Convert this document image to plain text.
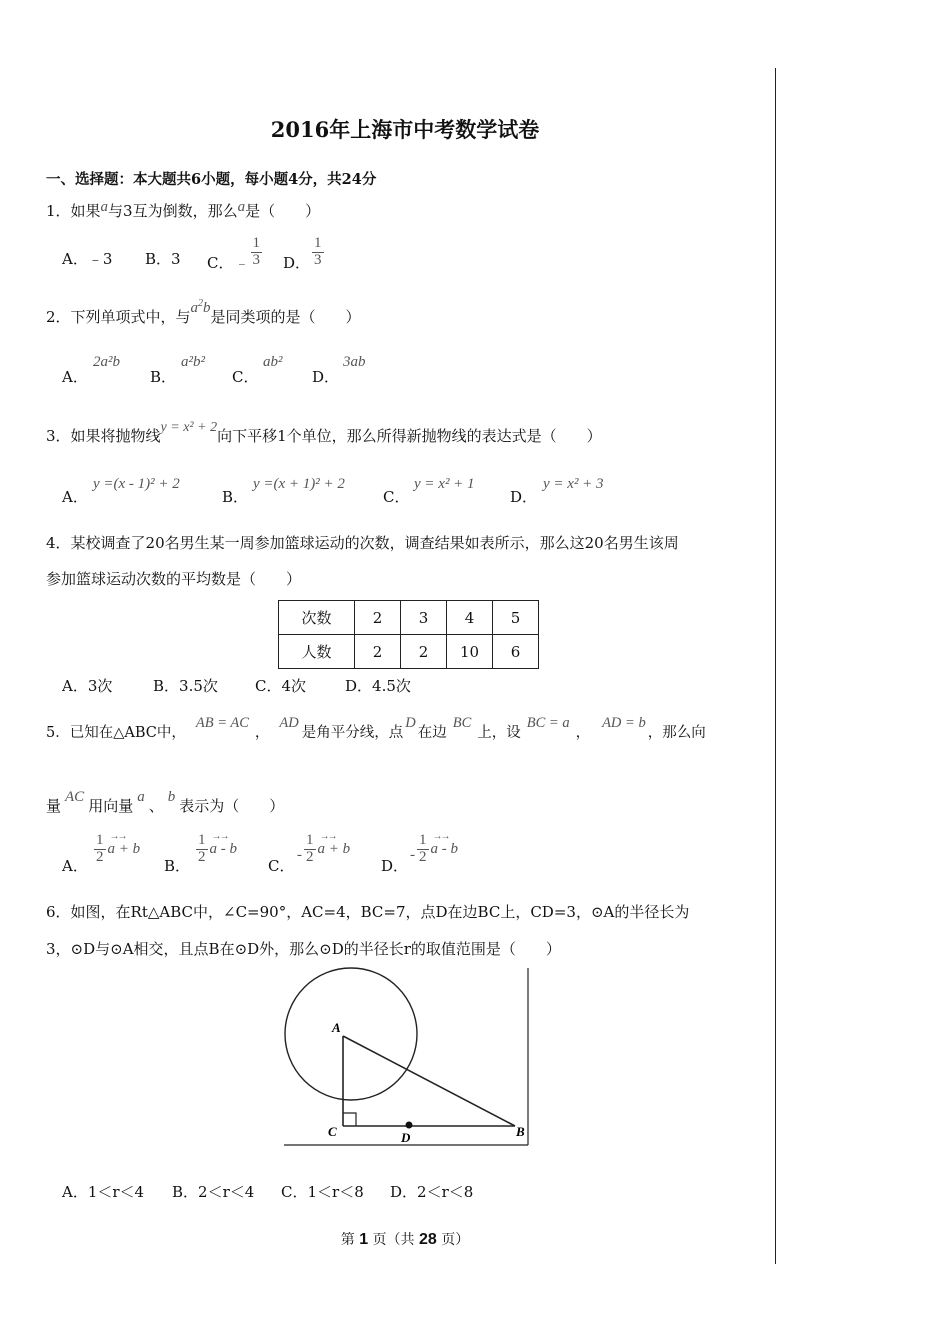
2016年上海市中考数学试卷
一、选择题：本大题共6小题，每小题4分，共24分
1．如果a与3互为倒数，那么a是（　　）
A．﹣3 B．3 C．﹣ $\frac{1}{3}$ D． $\frac{1}{3}$
2．下列单项式中，与$a^2b$是同类项的是（　　）
A．
2a²b
B．
a²b²
C．
ab²
D．
3ab
3．如果将抛物线y = x² + 2向下平移1个单位，那么所得新抛物线的表达式是（　　）
A．
y =(x - 1)² + 2
B．
y =(x + 1)² + 2
C．
y = x² + 1
D．
y = x² + 3
4．某校调查了20名男生某一周参加篮球运动的次数，调查结果如表所示，那么这20名男生该周
参加篮球运动次数的平均数是（　　）
次数	2	3	4	5
人数	2	2	10	6
A．3次	B．3.5次 C．4次	D．4.5次
5．已知在△ABC中，AB = AC，AD是角平分线，点D在边BC上，设BC = a，AD = b，那么向
量 AC 用向量 a 、 b 表示为（　　）
A．
$\frac{1}{2}$ →→
a + b
B．
$\frac{1}{2}$ →→
a - b
C．
- $\frac{1}{2}$ →→
a + b
D．
- $\frac{1}{2}$ →→
a - b
6．如图，在Rt△ABC中，∠C=90°，AC=4，BC=7，点D在边BC上，CD=3，⊙A的半径长为
3，⊙D与⊙A相交，且点B在⊙D外，那么⊙D的半径长r的取值范围是（　　）
A
C	D	B
A．1＜r＜4 B．2＜r＜4 C．1＜r＜8 D．2＜r＜8
第 1 页（共 28 页）
